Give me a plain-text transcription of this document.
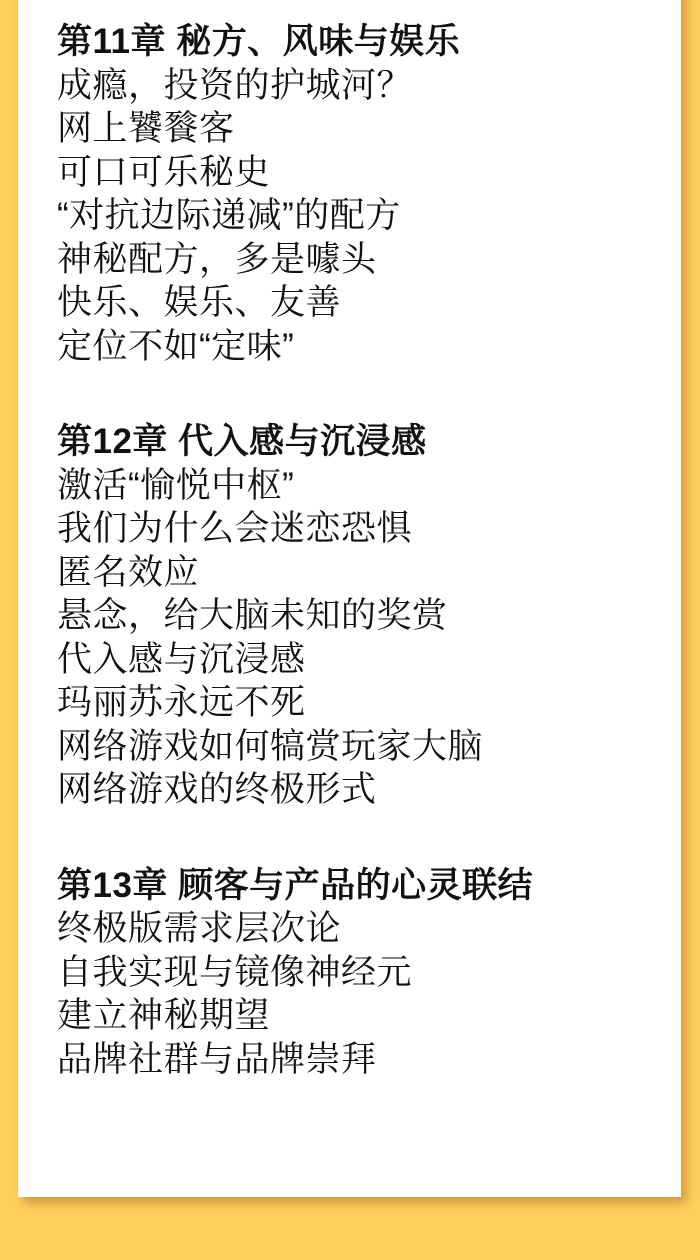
第11章 秘方、风味与娱乐

成瘾，投资的护城河？

网上饕餮客

可口可乐秘史

“对抗边际递减”的配方

神秘配方，多是噱头

快乐、娱乐、友善

定位不如“定味”

第12章 代入感与沉浸感

激活“愉悦中枢”

我们为什么会迷恋恐惧

匿名效应

悬念，给大脑未知的奖赏

代入感与沉浸感

玛丽苏永远不死

网络游戏如何犒赏玩家大脑

网络游戏的终极形式

第13章 顾客与产品的心灵联结

终极版需求层次论

自我实现与镜像神经元

建立神秘期望

品牌社群与品牌崇拜
